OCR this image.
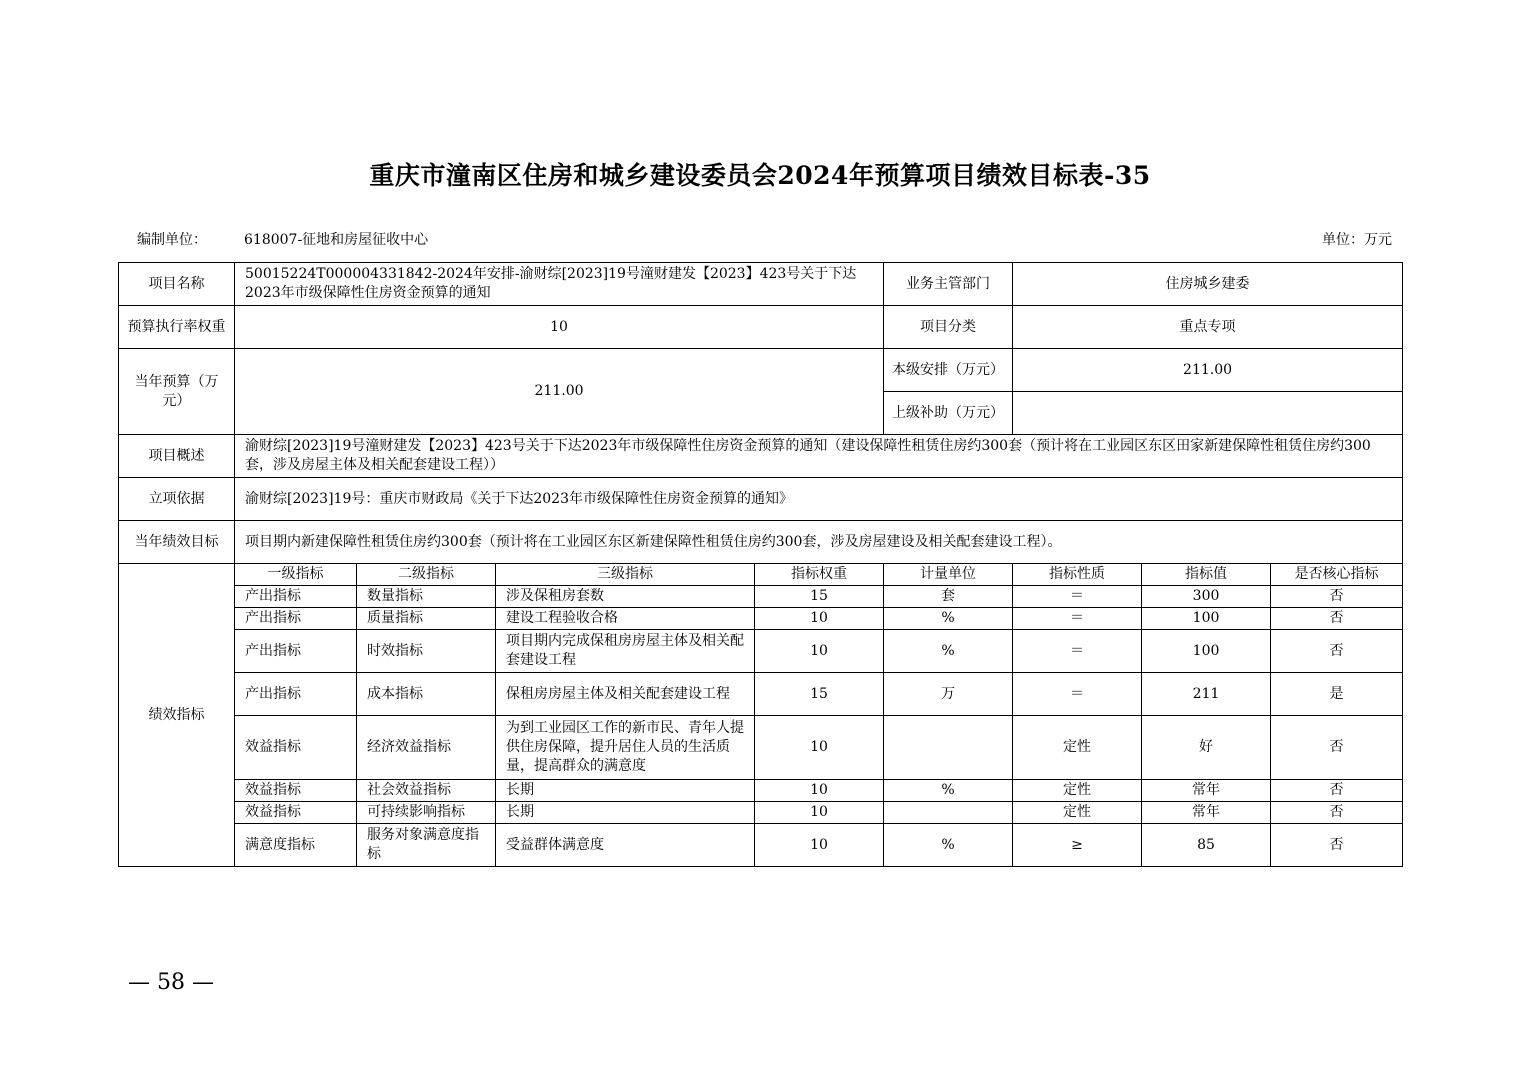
重庆市潼南区住房和城乡建设委员会2024年预算项目绩效目标表-35
编制单位：	618007-征地和房屋征收中心	单位：万元
项目名称	50015224T000004331842-2024年安排-渝财综[2023]19号潼财建发【2023】423号关于下达2023年市级保障性住房资金预算的通知				业务主管部门	住房城乡建委		
预算执行率权重	10				项目分类	重点专项		
当年预算（万元）	211.00				本级安排（万元）	211.00		
					上级补助（万元）			
项目概述	渝财综[2023]19号潼财建发【2023】423号关于下达2023年市级保障性住房资金预算的通知（建设保障性租赁住房约300套（预计将在工业园区东区田家新建保障性租赁住房约300套，涉及房屋主体及相关配套建设工程））							
立项依据	渝财综[2023]19号：重庆市财政局《关于下达2023年市级保障性住房资金预算的通知》							
当年绩效目标	项目期内新建保障性租赁住房约300套（预计将在工业园区东区新建保障性租赁住房约300套，涉及房屋建设及相关配套建设工程）。							
绩效指标	一级指标	二级指标	三级指标	指标权重	计量单位	指标性质	指标值	是否核心指标
	产出指标	数量指标	涉及保租房套数	15	套	＝	300	否
	产出指标	质量指标	建设工程验收合格	10	%	＝	100	否
	产出指标	时效指标	项目期内完成保租房房屋主体及相关配套建设工程	10	%	＝	100	否
	产出指标	成本指标	保租房房屋主体及相关配套建设工程	15	万	＝	211	是
	效益指标	经济效益指标	为到工业园区工作的新市民、青年人提供住房保障，提升居住人员的生活质量，提高群众的满意度	10		定性	好	否
	效益指标	社会效益指标	长期	10	%	定性	常年	否
	效益指标	可持续影响指标	长期	10		定性	常年	否
	满意度指标	服务对象满意度指标	受益群体满意度	10	%	≥	85	否
— 58 —
